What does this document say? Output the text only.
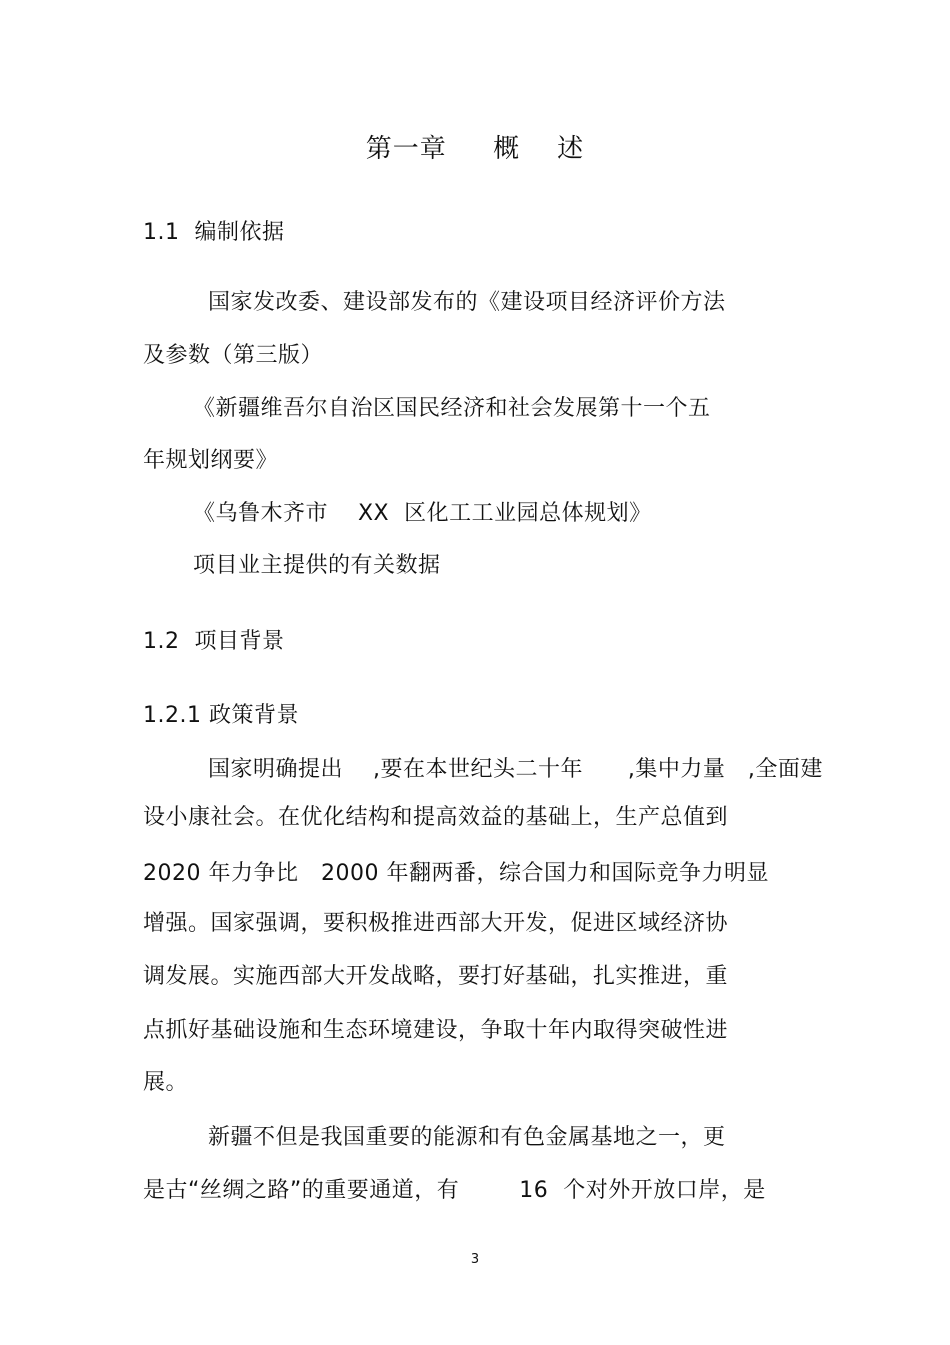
第一章     概    述
1.1  编制依据
国家发改委、建设部发布的《建设项目经济评价方法
及参数（第三版）
《新疆维吾尔自治区国民经济和社会发展第十一个五
年规划纲要》
《乌鲁木齐市    XX  区化工工业园总体规划》
项目业主提供的有关数据
1.2  项目背景
1.2.1 政策背景
国家明确提出    ,要在本世纪头二十年      ,集中力量   ,全面建
设小康社会。在优化结构和提高效益的基础上，生产总值到
2020 年力争比   2000 年翻两番，综合国力和国际竞争力明显
增强。国家强调，要积极推进西部大开发，促进区域经济协
调发展。实施西部大开发战略，要打好基础，扎实推进，重
点抓好基础设施和生态环境建设，争取十年内取得突破性进
展。
新疆不但是我国重要的能源和有色金属基地之一，更
是古“丝绸之路”的重要通道，有        16  个对外开放口岸，是
3
